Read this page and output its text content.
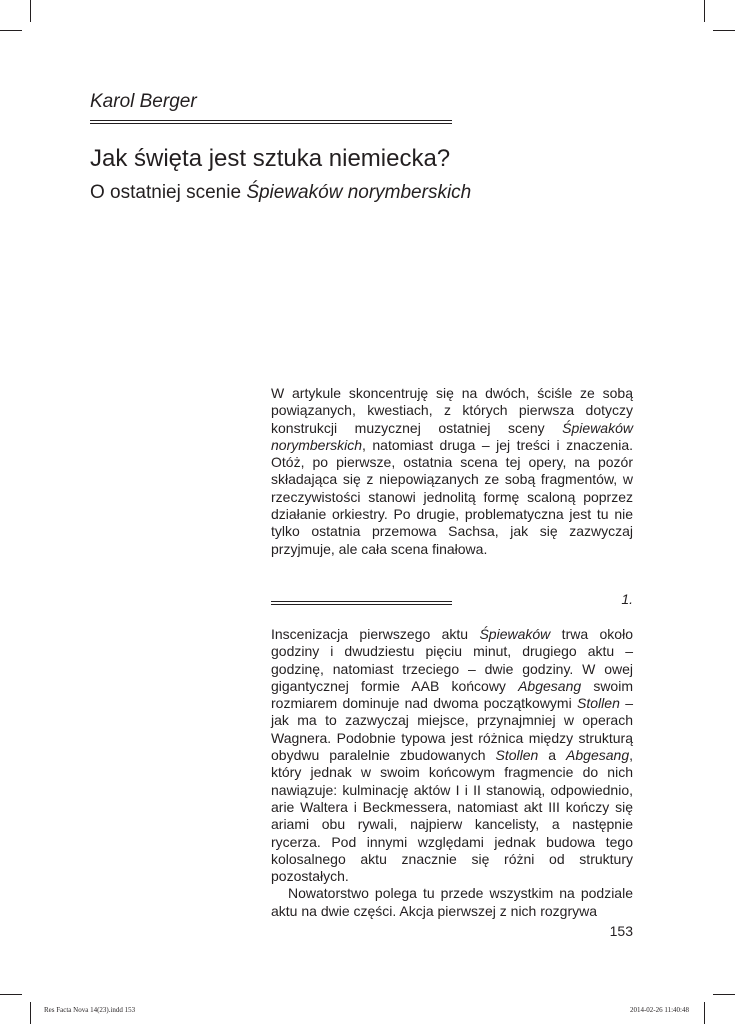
Karol Berger

Jak święta jest sztuka niemiecka?
O ostatniej scenie Śpiewaków norymberskich

W artykule skoncentruję się na dwóch, ściśle ze sobą powiązanych, kwestiach, z których pierwsza dotyczy konstrukcji muzycznej ostatniej sceny Śpiewaków norymberskich, natomiast druga – jej treści i znaczenia. Otóż, po pierwsze, ostatnia scena tej opery, na pozór składająca się z niepowiązanych ze sobą fragmentów, w rzeczywistości stanowi jednolitą formę scaloną poprzez działanie orkiestry. Po drugie, problematyczna jest tu nie tylko ostatnia przemowa Sachsa, jak się zazwyczaj przyjmuje, ale cała scena finałowa.

1.

Inscenizacja pierwszego aktu Śpiewaków trwa około godziny i dwudziestu pięciu minut, drugiego aktu – godzinę, natomiast trzeciego – dwie godziny. W owej gigantycznej formie AAB końcowy Abgesang swoim rozmiarem dominuje nad dwoma początkowymi Stollen – jak ma to zazwyczaj miejsce, przynajmniej w operach Wagnera. Podobnie typowa jest różnica między strukturą obydwu paralelnie zbudowanych Stollen a Abgesang, który jednak w swoim końcowym fragmencie do nich nawiązuje: kulminację aktów I i II stanowią, odpowiednio, arie Waltera i Beckmessera, natomiast akt III kończy się ariami obu rywali, najpierw kancelisty, a następnie rycerza. Pod innymi względami jednak budowa tego kolosalnego aktu znacznie się różni od struktury pozostałych.

Nowatorstwo polega tu przede wszystkim na podziale aktu na dwie części. Akcja pierwszej z nich rozgrywa

153

Res Facta Nova 14(23).indd 153	2014-02-26 11:40:48
